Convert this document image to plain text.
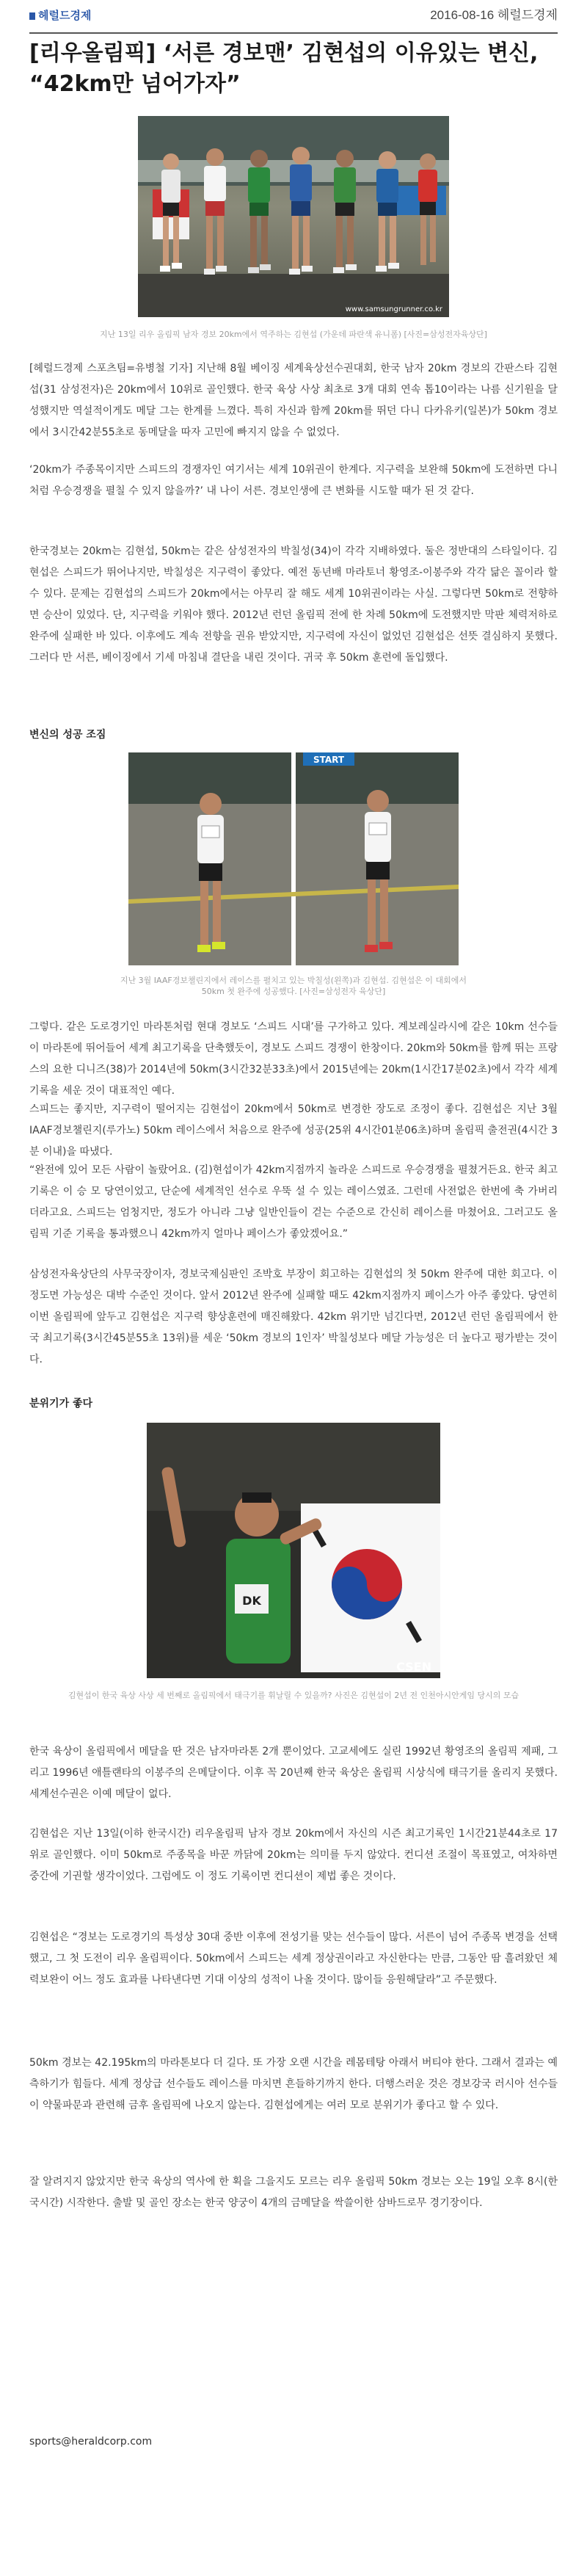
헤럴드경제	2016-08-16 헤럴드경제
[리우올림픽] ‘서른 경보맨’ 김현섭의 이유있는 변신, “42km만 넘어가자”
www.samsungrunner.co.kr
지난 13일 리우 올림픽 남자 경보 20km에서 역주하는 김현섭 (가운데 파란색 유니폼) [사진=삼성전자육상단]

[헤럴드경제 스포츠팀=유병철 기자] 지난해 8월 베이징 세계육상선수권대회, 한국 남자 20km 경보의 간판스타 김현섭(31 삼성전자)은 20km에서 10위로 골인했다. 한국 육상 사상 최초로 3개 대회 연속 톱10이라는 나름 신기원을 달성했지만 역설적이게도 메달 그는 한계를 느꼈다. 특히 자신과 함께 20km를 뛰던 다니 다카유키(일본)가 50km 경보에서 3시간42분55초로 동메달을 따자 고민에 빠지지 않을 수 없었다.

‘20km가 주종목이지만 스피드의 경쟁자인 여기서는 세계 10위권이 한계다. 지구력을 보완해 50km에 도전하면 다니처럼 우승경쟁을 펼칠 수 있지 않을까?’ 내 나이 서른. 경보인생에 큰 변화를 시도할 때가 된 것 같다.

한국경보는 20km는 김현섭, 50km는 같은 삼성전자의 박칠성(34)이 각각 지배하였다. 둘은 정반대의 스타일이다. 김현섭은 스피드가 뛰어나지만, 박칠성은 지구력이 좋았다. 예전 동년배 마라토너 황영조-이봉주와 각각 닮은 꼴이라 할 수 있다. 문제는 김현섭의 스피드가 20km에서는 아무리 잘 해도 세계 10위권이라는 사실. 그렇다면 50km로 전향하면 승산이 있었다. 단, 지구력을 키워야 했다. 2012년 런던 올림픽 전에 한 차례 50km에 도전했지만 막판 체력저하로 완주에 실패한 바 있다. 이후에도 계속 전향을 권유 받았지만, 지구력에 자신이 없었던 김현섭은 선뜻 결심하지 못했다. 그러다 만 서른, 베이징에서 기세 마침내 결단을 내린 것이다. 귀국 후 50km 훈련에 돌입했다.

변신의 성공 조짐
START
지난 3월 IAAF경보챌린지에서 레이스를 펼치고 있는 박칠성(왼쪽)과 김현섭. 김현섭은 이 대회에서 50km 첫 완주에 성공했다. [사진=삼성전자 육상단]

그렇다. 같은 도로경기인 마라톤처럼 현대 경보도 ‘스피드 시대’를 구가하고 있다. 계보레실라시에 같은 10km 선수들이 마라톤에 뛰어들어 세계 최고기록을 단축했듯이, 경보도 스피드 경쟁이 한창이다. 20km와 50km를 함께 뛰는 프랑스의 요한 디니즈(38)가 2014년에 50km(3시간32분33초)에서 2015년에는 20km(1시간17분02초)에서 각각 세계기록을 세운 것이 대표적인 예다.

스피드는 좋지만, 지구력이 떨어지는 김현섭이 20km에서 50km로 변경한 장도로 조정이 좋다. 김현섭은 지난 3월 IAAF경보챌린지(루가노) 50km 레이스에서 처음으로 완주에 성공(25위 4시간01분06초)하며 올림픽 출전권(4시간 3분 이내)을 따냈다.

“완전에 있어 모든 사람이 놀랐어요. (김)현섭이가 42km지점까지 놀라운 스피드로 우승경쟁을 펼쳤거든요. 한국 최고기록은 이 승 모 당연이었고, 단순에 세계적인 선수로 우뚝 설 수 있는 레이스였죠. 그런데 사전없은 한번에 축 가버리더라고요. 스피드는 엄청지만, 정도가 아니라 그냥 일반인들이 걷는 수준으로 간신히 레이스를 마쳤어요. 그러고도 올림픽 기준 기록을 통과했으니 42km까지 얼마나 페이스가 좋았겠어요.”

삼성전자육상단의 사무국장이자, 경보국제심판인 조박호 부장이 회고하는 김현섭의 첫 50km 완주에 대한 회고다. 이 정도면 가능성은 대박 수준인 것이다. 앞서 2012년 완주에 실패할 때도 42km지점까지 페이스가 아주 좋았다. 당연히 이번 올림픽에 앞두고 김현섭은 지구력 향상훈련에 매진해왔다. 42km 위기만 넘긴다면, 2012년 런던 올림픽에서 한국 최고기록(3시간45분55초 13위)를 세운 ‘50km 경보의 1인자’ 박칠성보다 메달 가능성은 더 높다고 평가받는 것이다.

분위기가 좋다
DK
CSEN
김현섭이 한국 육상 사상 세 번째로 올림픽에서 태극기를 휘날릴 수 있을까? 사진은 김현섭이 2년 전 인천아시안게임 당시의 모습

한국 육상이 올림픽에서 메달을 딴 것은 남자마라톤 2개 뿐이었다. 고교세에도 실린 1992년 황영조의 올림픽 제패, 그리고 1996년 애틀랜타의 이봉주의 은메달이다. 이후 꼭 20년째 한국 육상은 올림픽 시상식에 태극기를 올리지 못했다. 세계선수권은 이예 메달이 없다.

김현섭은 지난 13일(이하 한국시간) 리우올림픽 남자 경보 20km에서 자신의 시즌 최고기록인 1시간21분44초로 17위로 골인했다. 이미 50km로 주종목을 바꾼 까닭에 20km는 의미를 두지 않았다. 컨디션 조절이 목표였고, 여차하면 중간에 기권할 생각이었다. 그럼에도 이 정도 기록이면 컨디션이 제법 좋은 것이다.

김현섭은 “경보는 도로경기의 특성상 30대 중반 이후에 전성기를 맞는 선수들이 많다. 서른이 넘어 주종목 변경을 선택했고, 그 첫 도전이 리우 올림픽이다. 50km에서 스피드는 세계 정상권이라고 자신한다는 만큼, 그동안 땀 흘려왔던 체력보완이 어느 정도 효과를 나타낸다면 기대 이상의 성적이 나올 것이다. 많이들 응원해달라”고 주문했다.

50km 경보는 42.195km의 마라톤보다 더 길다. 또 가장 오랜 시간을 레몸테탕 아래서 버티야 한다. 그래서 결과는 예측하기가 힘들다. 세계 정상급 선수들도 레이스를 마치면 흔들하기까지 한다. 더행스러운 것은 경보강국 러시아 선수들이 약물파문과 관련해 금후 올림픽에 나오지 않는다. 김현섭에게는 여러 모로 분위기가 좋다고 할 수 있다.

잘 알려지지 않았지만 한국 육상의 역사에 한 획을 그을지도 모르는 리우 올림픽 50km 경보는 오는 19일 오후 8시(한국시간) 시작한다. 출발 및 골인 장소는 한국 양궁이 4개의 금메달을 싹쓸이한 삼바드로무 경기장이다.

sports@heraldcorp.com
